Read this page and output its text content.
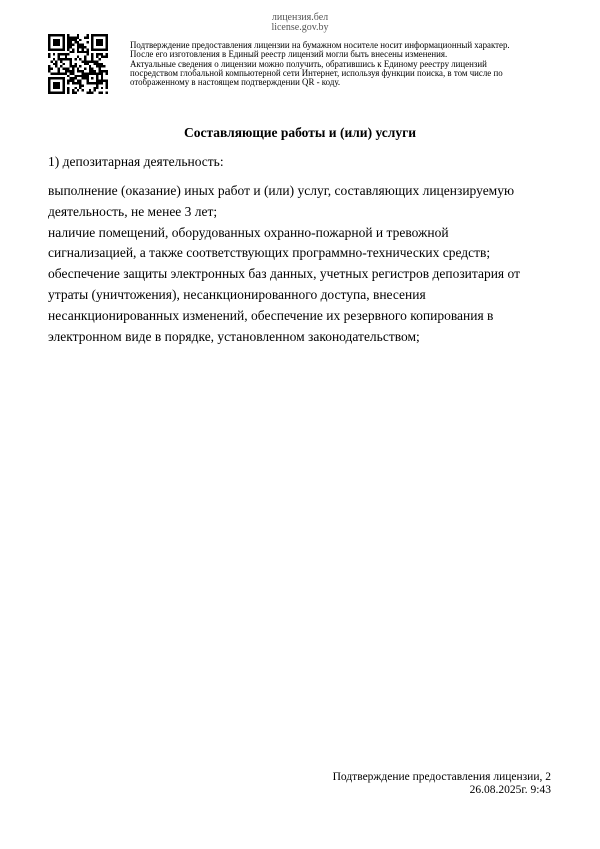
лицензия.бел
license.gov.by
Подтверждение предоставления лицензии на бумажном носителе носит информационный характер.
После его изготовления в Единый реестр лицензий могли быть внесены изменения.
Актуальные сведения о лицензии можно получить, обратившись к Единому реестру лицензий
посредством глобальной компьютерной сети Интернет, используя функции поиска, в том числе по
отображенному в настоящем подтверждении QR - коду.
Составляющие работы и (или) услуги
1) депозитарная деятельность:
выполнение (оказание) иных работ и (или) услуг, составляющих лицензируемую
деятельность, не менее 3 лет;
наличие помещений, оборудованных охранно-пожарной и тревожной
сигнализацией, а также соответствующих программно-технических средств;
обеспечение защиты электронных баз данных, учетных регистров депозитария от
утраты (уничтожения), несанкционированного доступа, внесения
несанкционированных изменений, обеспечение их резервного копирования в
электронном виде в порядке, установленном законодательством;
Подтверждение предоставления лицензии, 2
26.08.2025г. 9:43
